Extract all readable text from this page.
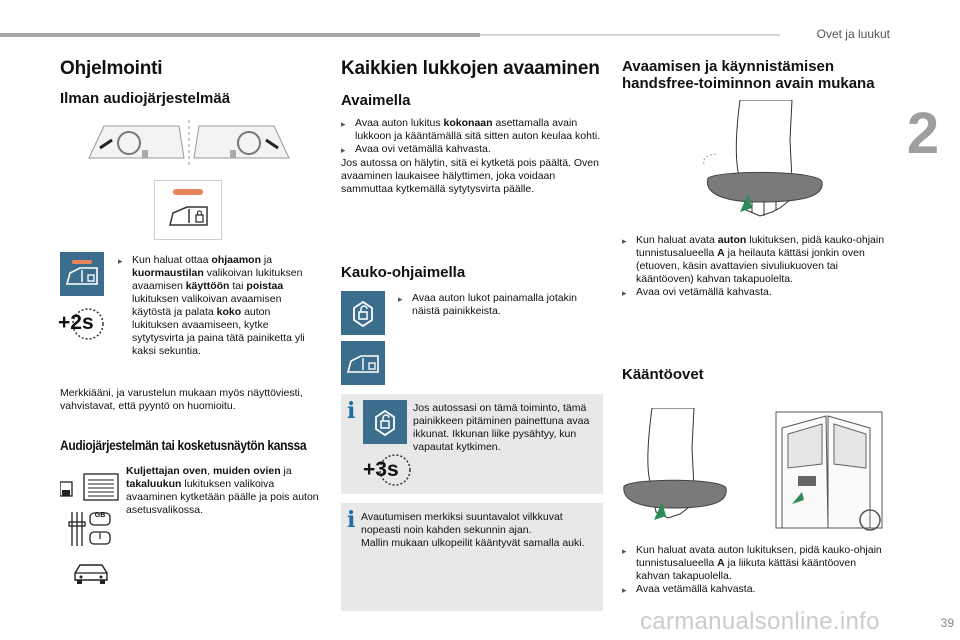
Ovet ja luukut
2
Ohjelmointi
Ilman audiojärjestelmää
+2s
▸ Kun haluat ottaa ohjaamon ja kuormaustilan valikoivan lukituksen avaamisen käyttöön tai poistaa lukituksen valikoivan avaamisen käytöstä ja palata koko auton lukituksen avaamiseen, kytke sytytysvirta ja paina tätä painiketta yli kaksi sekuntia.
Merkkiääni, ja varustelun mukaan myös näyttöviesti, vahvistavat, että pyyntö on huomioitu.
Audiojärjestelmän tai kosketusnäytön kanssa
GB
I
Kuljettajan oven, muiden ovien ja takaluukun lukituksen valikoiva avaaminen kytketään päälle ja pois auton asetusvalikossa.
Kaikkien lukkojen avaaminen
Avaimella
▸ Avaa auton lukitus kokonaan asettamalla avain lukkoon ja kääntämällä sitä sitten auton keulaa kohti.
▸ Avaa ovi vetämällä kahvasta.
Jos autossa on hälytin, sitä ei kytketä pois päältä. Oven avaaminen laukaisee hälyttimen, joka voidaan sammuttaa kytkemällä sytytysvirta päälle.
Kauko-ohjaimella
▸ Avaa auton lukot painamalla jotakin näistä painikkeista.
i
+3s
Jos autossasi on tämä toiminto, tämä painikkeen pitäminen painettuna avaa ikkunat. Ikkunan liike pysähtyy, kun vapautat kytkimen.
i Avautumisen merkiksi suuntavalot vilkkuvat nopeasti noin kahden sekunnin ajan.
Mallin mukaan ulkopeilit kääntyvät samalla auki.
Avaamisen ja käynnistämisen handsfree-toiminnon avain mukana
▸ Kun haluat avata auton lukituksen, pidä kauko-ohjain tunnistusalueella A ja heilauta kättäsi jonkin oven (etuoven, käsin avattavien sivuliukuoven tai kääntöoven) kahvan takapuolelta.
▸ Avaa ovi vetämällä kahvasta.
Kääntöovet
▸ Kun haluat avata auton lukituksen, pidä kauko-ohjain tunnistusalueella A ja liikuta kättäsi kääntöoven kahvan takapuolella.
▸ Avaa vetämällä kahvasta.
39
carmanualsonline.info
